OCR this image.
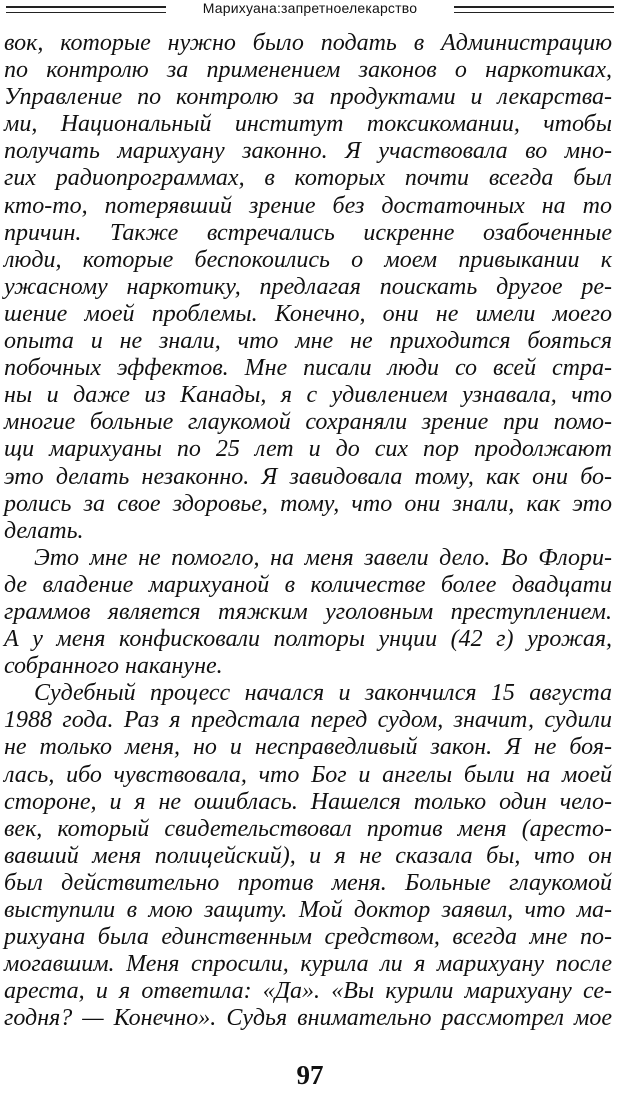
Марихуана:запретноелекарство
вок, которые нужно было подать в Администрацию
по контролю за применением законов о наркотиках,
Управление по контролю за продуктами и лекарства-
ми, Национальный институт токсикомании, чтобы
получать марихуану законно. Я участвовала во мно-
гих радиопрограммах, в которых почти всегда был
кто-то, потерявший зрение без достаточных на то
причин. Также встречались искренне озабоченные
люди, которые беспокоились о моем привыкании к
ужасному наркотику, предлагая поискать другое ре-
шение моей проблемы. Конечно, они не имели моего
опыта и не знали, что мне не приходится бояться
побочных эффектов. Мне писали люди со всей стра-
ны и даже из Канады, я с удивлением узнавала, что
многие больные глаукомой сохраняли зрение при помо-
щи марихуаны по 25 лет и до сих пор продолжают
это делать незаконно. Я завидовала тому, как они бо-
ролись за свое здоровье, тому, что они знали, как это
делать.
Это мне не помогло, на меня завели дело. Во Флори-
де владение марихуаной в количестве более двадцати
граммов является тяжким уголовным преступлением.
А у меня конфисковали полторы унции (42 г) урожая,
собранного накануне.
Судебный процесс начался и закончился 15 августа
1988 года. Раз я предстала перед судом, значит, судили
не только меня, но и несправедливый закон. Я не боя-
лась, ибо чувствовала, что Бог и ангелы были на моей
стороне, и я не ошиблась. Нашелся только один чело-
век, который свидетельствовал против меня (aресто-
вавший меня полицейский), и я не сказала бы, что он
был действительно против меня. Больные глаукомой
выступили в мою защиту. Мой доктор заявил, что ма-
рихуана была единственным средством, всегда мне по-
могавшим. Меня спросили, курила ли я марихуану после
ареста, и я ответила: «Да». «Вы курили марихуану се-
годня? — Конечно». Судья внимательно рассмотрел мое
97
